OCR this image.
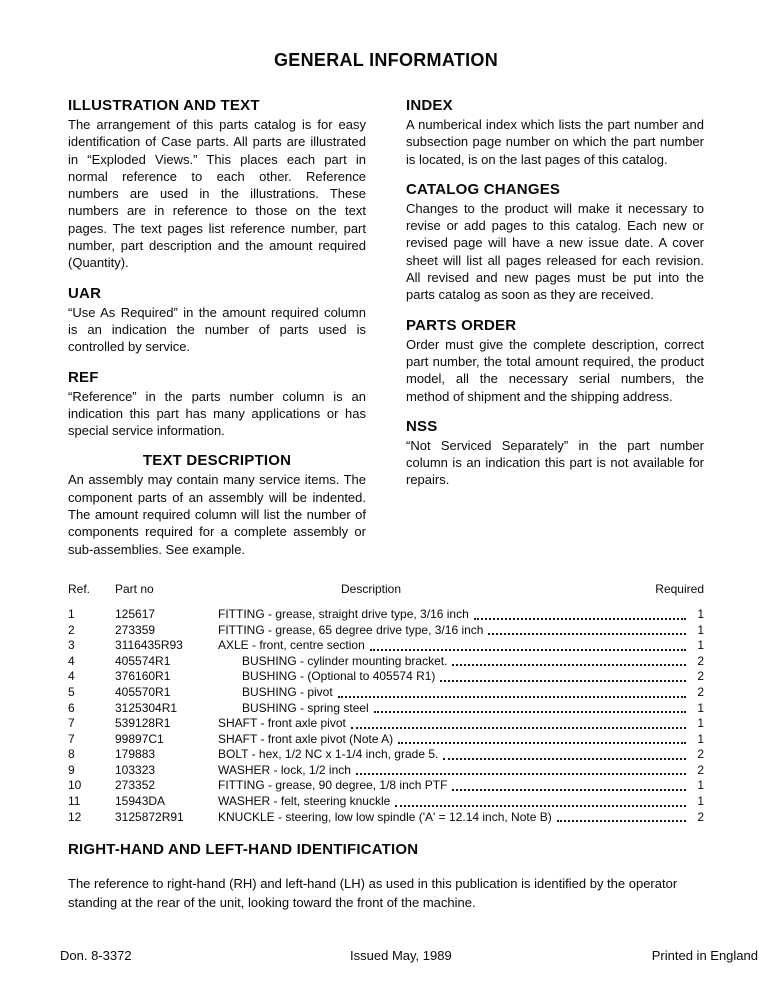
GENERAL INFORMATION
ILLUSTRATION AND TEXT

The arrangement of this parts catalog is for easy identification of Case parts. All parts are illustrated in “Exploded Views.” This places each part in normal reference to each other. Reference numbers are used in the illustrations. These numbers are in reference to those on the text pages. The text pages list reference number, part number, part description and the amount required (Quantity).

UAR

“Use As Required” in the amount required column is an indication the number of parts used is controlled by service.

REF

“Reference” in the parts number column is an indication this part has many applications or has special service information.

TEXT DESCRIPTION

An assembly may contain many service items. The component parts of an assembly will be indented. The amount required column will list the number of components required for a complete assembly or sub-assemblies. See example.

INDEX

A numberical index which lists the part number and subsection page number on which the part number is located, is on the last pages of this catalog.

CATALOG CHANGES

Changes to the product will make it necessary to revise or add pages to this catalog. Each new or revised page will have a new issue date. A cover sheet will list all pages released for each revision. All revised and new pages must be put into the parts catalog as soon as they are received.

PARTS ORDER

Order must give the complete description, correct part number, the total amount required, the product model, all the necessary serial numbers, the method of shipment and the shipping address.

NSS

“Not Serviced Separately” in the part number column is an indication this part is not available for repairs.

Ref.	Part no	Description	Required
1	125617	FITTING - grease, straight drive type, 3/16 inch	1
2	273359	FITTING - grease, 65 degree drive type, 3/16 inch	1
3	3116435R93	AXLE - front, centre section	1
4	405574R1	BUSHING - cylinder mounting bracket.	2
4	376160R1	BUSHING - (Optional to 405574 R1)	2
5	405570R1	BUSHING - pivot	2
6	3125304R1	BUSHING - spring steel	1
7	539128R1	SHAFT - front axle pivot	1
7	99897C1	SHAFT - front axle pivot (Note A)	1
8	179883	BOLT - hex, 1/2 NC x 1-1/4 inch, grade 5.	2
9	103323	WASHER - lock, 1/2 inch	2
10	273352	FITTING - grease, 90 degree, 1/8 inch PTF	1
11	15943DA	WASHER - felt, steering knuckle	1
12	3125872R91	KNUCKLE - steering, low low spindle ('A' = 12.14 inch, Note B)	2
RIGHT-HAND AND LEFT-HAND IDENTIFICATION

The reference to right-hand (RH) and left-hand (LH) as used in this publication is identified by the operator standing at the rear of the unit, looking toward the front of the machine.

Don. 8-3372	Issued May, 1989	Printed in England
